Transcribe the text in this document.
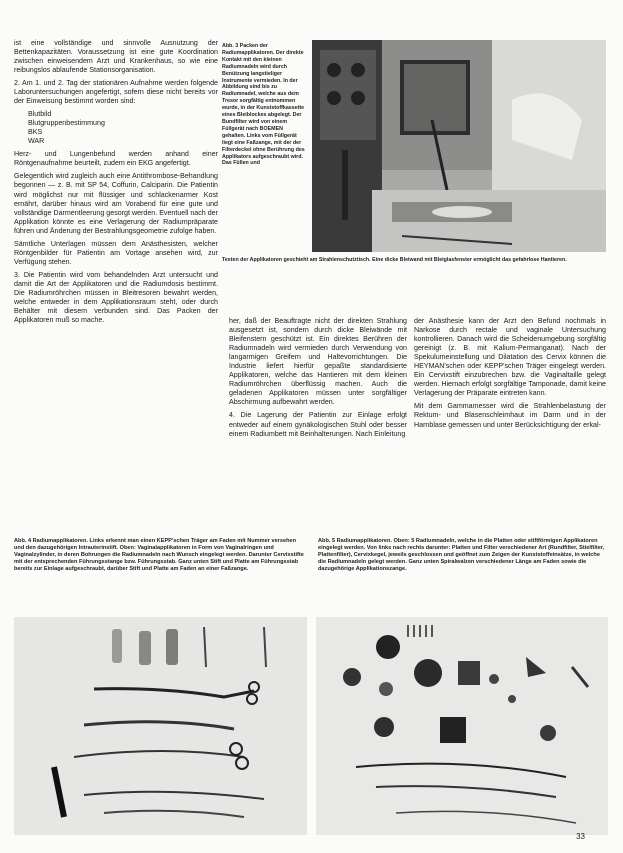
ist eine vollständige und sinnvolle Ausnutzung der Bettenkapazitäten. Voraussetzung ist eine gute Koordination zwischen einweisendem Arzt und Krankenhaus, so wie eine reibungslos ablaufende Stationsorganisation.

2. Am 1. und 2. Tag der stationären Aufnahme werden folgende Laboruntersuchungen angefertigt, sofern diese nicht bereits vor der Einweisung bestimmt worden sind:

Blutbild
Blutgruppenbestimmung
BKS
WAR

Herz- und Lungenbefund werden anhand einer Röntgenaufnahme beurteilt, zudem ein EKG angefertigt.

Gelegentlich wird zugleich auch eine Antithrombose-Behandlung begonnen — z. B. mit SP 54, Coffurin, Calciparin. Die Patientin wird möglichst nur mit flüssiger und schlackenarmer Kost ernährt, darüber hinaus wird am Vorabend für eine gute und vollständige Darmentleerung gesorgt werden. Eventuell nach der Applikation könnte es eine Verlagerung der Radiumpräparate führen und Änderung der Bestrahlungsgeometrie zufolge haben.

Sämtliche Unterlagen müssen dem Anästhesisten, welcher Röntgenbilder für Patientin am Vortage ansehen wird, zur Verfügung stehen.

3. Die Patientin wird vom behandelnden Arzt untersucht und damit die Art der Applikatoren und die Radiumdosis bestimmt. Die Radiumröhrchen müssen in Bleitresoren bewahrt werden, welche entweder in dem Applikationsraum steht, oder durch Behälter mit diesem verbunden sind. Das Packen der Applikatoren muß so mache.

Abb. 3 Packen der Radiumapplikatoren. Der direkte Kontakt mit den kleinen Radiumnadeln wird durch Benützung langstieliger Instrumente vermieden. In der Abbildung sind bis zu Radiumnadel, welche aus dem Tresor sorgfältig entnommen wurde, in der Kunststoffkassette eines Bleiblockes abgelegt. Der Bundfilter wird von einem Füllgerät nach BOEMEN gehalten. Links vom Füllgerät liegt eine Faßzange, mit der der Filterdeckel ohne Berührung des Applikators aufgeschraubt wird. Das Füllen und
Testen der Applikatoren geschieht am Strahlenschutztisch. Eine dicke Bleiwand mit Bleiglasfenster ermöglicht das gefahrlose Hantieren.

her, daß der Beauftragte nicht der direkten Strahlung ausgesetzt ist, sondern durch dicke Bleiwände mit Bleifenstern geschützt ist. Ein direktes Berühren der Radiumnadeln wird vermieden durch Verwendung von langarmigen Greifern und Haltevorrichtungen. Die Industrie liefert hierfür gepaßte standardisierte Applikatoren, welche das Hantieren mit dem kleinen Radiumröhrchen überflüssig machen. Auch die geladenen Applikatoren müssen unter sorgfältiger Abschirmung aufbewahrt werden.

4. Die Lagerung der Patientin zur Einlage erfolgt entweder auf einem gynäkologischen Stuhl oder besser einem Radiumbett mit Beinhalterungen. Nach Einleitung

der Anästhesie kann der Arzt den Befund nochmals in Narkose durch rectale und vaginale Untersuchung kontrollieren. Danach wird die Scheidenumgebung sorgfältig gereinigt (z. B. mit Kalium-Permanganat). Nach der Spekulumeinstellung und Dilatation des Cervix können die HEYMAN'schen oder KEPP'schen Träger eingelegt werden. Ein Cervixstift einzubrechen bzw. die Vaginaltaille gelegt werden. Hiernach erfolgt sorgfältige Tamponade, damit keine Verlagerung der Präparate eintreten kann.

Mit dem Gammamesser wird die Strahlenbelastung der Rektum- und Blasenschleimhaut im Darm und in der Harnblase gemessen und unter Berücksichtigung der erkal-

Abb. 4 Radiumapplikatoren. Links erkennt man einen KEPP'schen Träger am Faden mit Nummer versehen und den dazugehörigen Intrauterinstift. Oben: Vaginalapplikatoren in Form von Vaginalringen und Vaginalzylinder, in deren Bohrungen die Radiumnadeln nach Wunsch eingelegt werden. Darunter Cervixstifte mit der entsprechenden Führungsstange bzw. Führungsstab. Ganz unten Stift und Platte am Führungsstab bereits zur Einlage aufgeschraubt, darüber Stift und Platte am Faden an einer Faßzange.
Abb. 5 Radiumapplikatoren. Oben: 5 Radiumnadeln, welche in die Platten oder stiftförmigen Applikatoren eingelegt werden. Von links nach rechts darunter: Platten und Filter verschiedener Art (Rundfilter, Stielfilter, Plattenfilter), Cervixkegel, jeweils geschlossen und geöffnet zum Zeigen der Kunststoffeinsätze, in welche die Radiumnadeln gelegt werden. Ganz unten Spiralwalzen verschiedener Länge am Faden sowie die dazugehörige Applikationszange.
33
